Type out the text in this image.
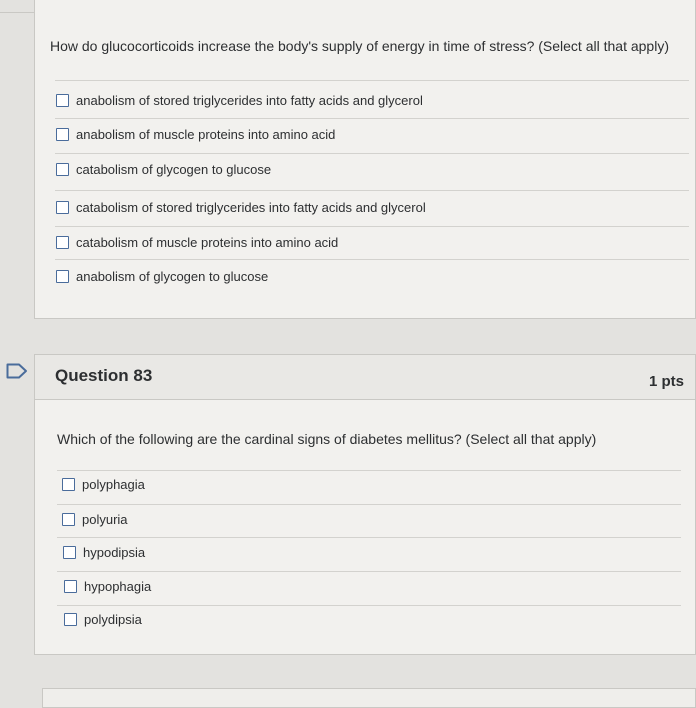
How do glucocorticoids increase the body's supply of energy in time of stress? (Select all that apply)
anabolism of stored triglycerides into fatty acids and glycerol
anabolism of muscle proteins into amino acid
catabolism of glycogen to glucose
catabolism of stored triglycerides into fatty acids and glycerol
catabolism of muscle proteins into amino acid
anabolism of glycogen to glucose
Question 83	1 pts
Which of the following are the cardinal signs of diabetes mellitus? (Select all that apply)
polyphagia
polyuria
hypodipsia
hypophagia
polydipsia
